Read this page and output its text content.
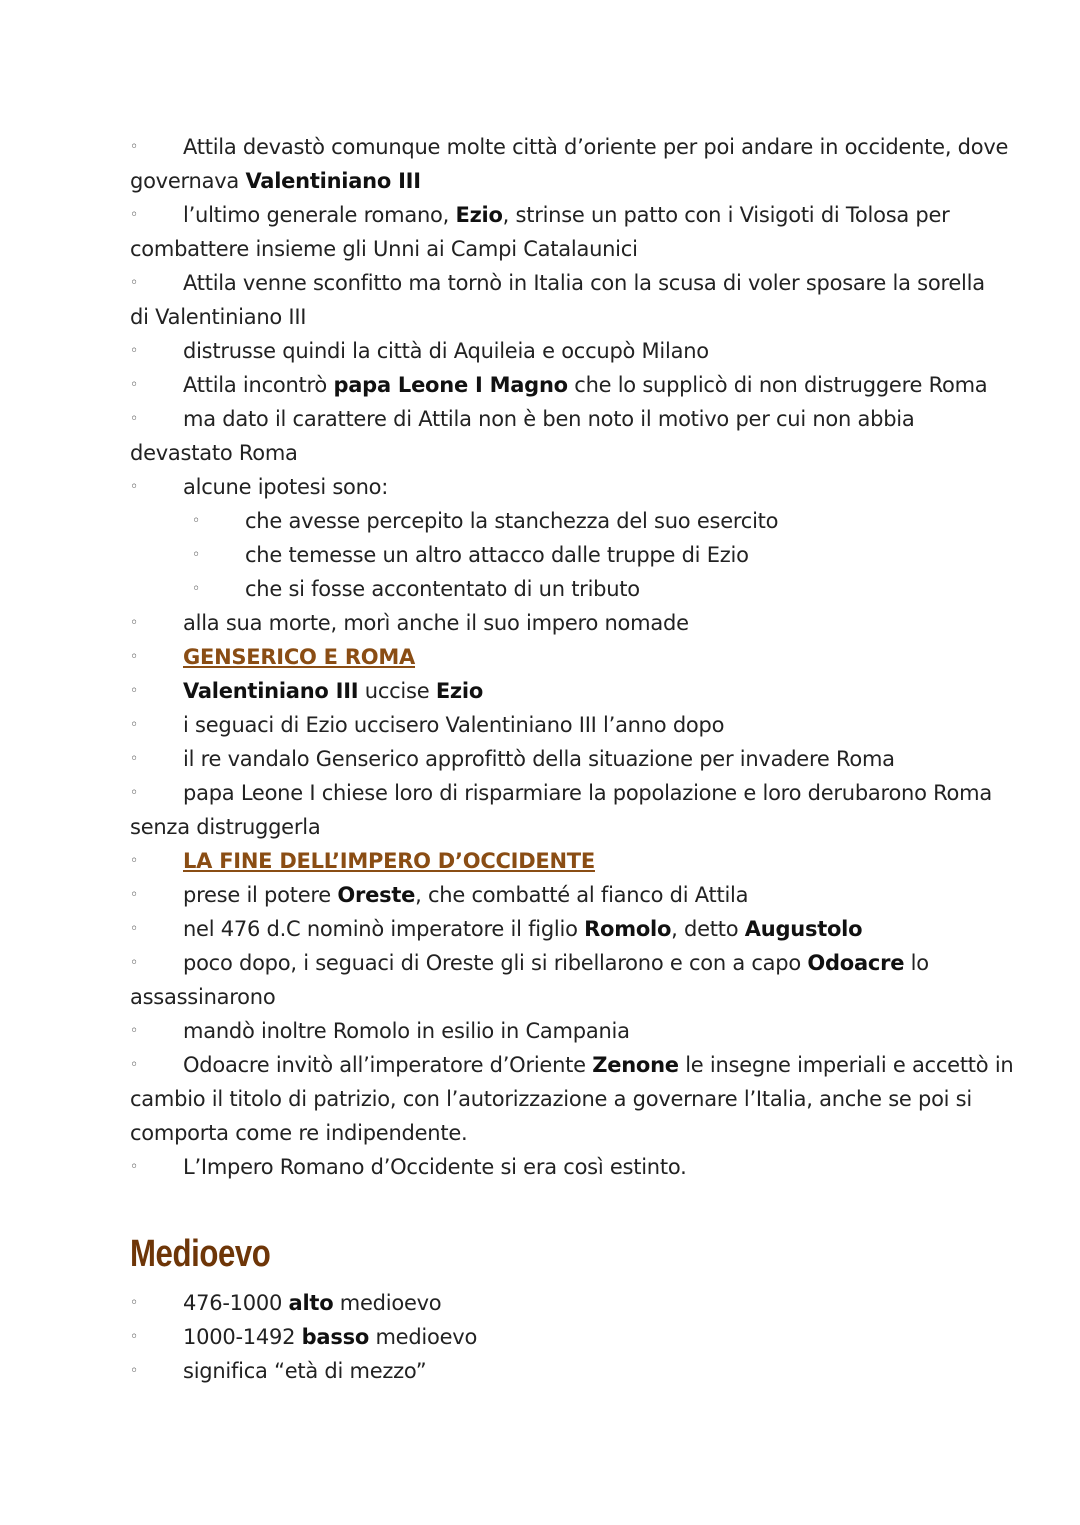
◦
◦
◦
◦
◦
◦
◦
◦
◦
◦
◦
◦
◦
◦
◦
◦
◦
◦
◦
◦
◦
◦
◦
◦
◦
◦
Attila devastò comunque molte città d’oriente per poi andare in occidente, dove
governava Valentiniano III
l’ultimo generale romano, Ezio, strinse un patto con i Visigoti di Tolosa per
combattere insieme gli Unni ai Campi Catalaunici
Attila venne sconfitto ma tornò in Italia con la scusa di voler sposare la sorella
di Valentiniano III
distrusse quindi la città di Aquileia e occupò Milano
Attila incontrò papa Leone I Magno che lo supplicò di non distruggere Roma
ma dato il carattere di Attila non è ben noto il motivo per cui non abbia
devastato Roma
alcune ipotesi sono:
che avesse percepito la stanchezza del suo esercito
che temesse un altro attacco dalle truppe di Ezio
che si fosse accontentato di un tributo
alla sua morte, morì anche il suo impero nomade
GENSERICO E ROMA
Valentiniano III uccise Ezio
i seguaci di Ezio uccisero Valentiniano III l’anno dopo
il re vandalo Genserico approfittò della situazione per invadere Roma
papa Leone I chiese loro di risparmiare la popolazione e loro derubarono Roma
senza distruggerla
LA FINE DELL’IMPERO D’OCCIDENTE
prese il potere Oreste, che combatté al fianco di Attila
nel 476 d.C nominò imperatore il figlio Romolo, detto Augustolo
poco dopo, i seguaci di Oreste gli si ribellarono e con a capo Odoacre lo
assassinarono
mandò inoltre Romolo in esilio in Campania
Odoacre invitò all’imperatore d’Oriente Zenone le insegne imperiali e accettò in
cambio il titolo di patrizio, con l’autorizzazione a governare l’Italia, anche se poi si
comporta come re indipendente.
L’Impero Romano d’Occidente si era così estinto.
Medioevo
476-1000 alto medioevo
1000-1492 basso medioevo
significa “età di mezzo”
